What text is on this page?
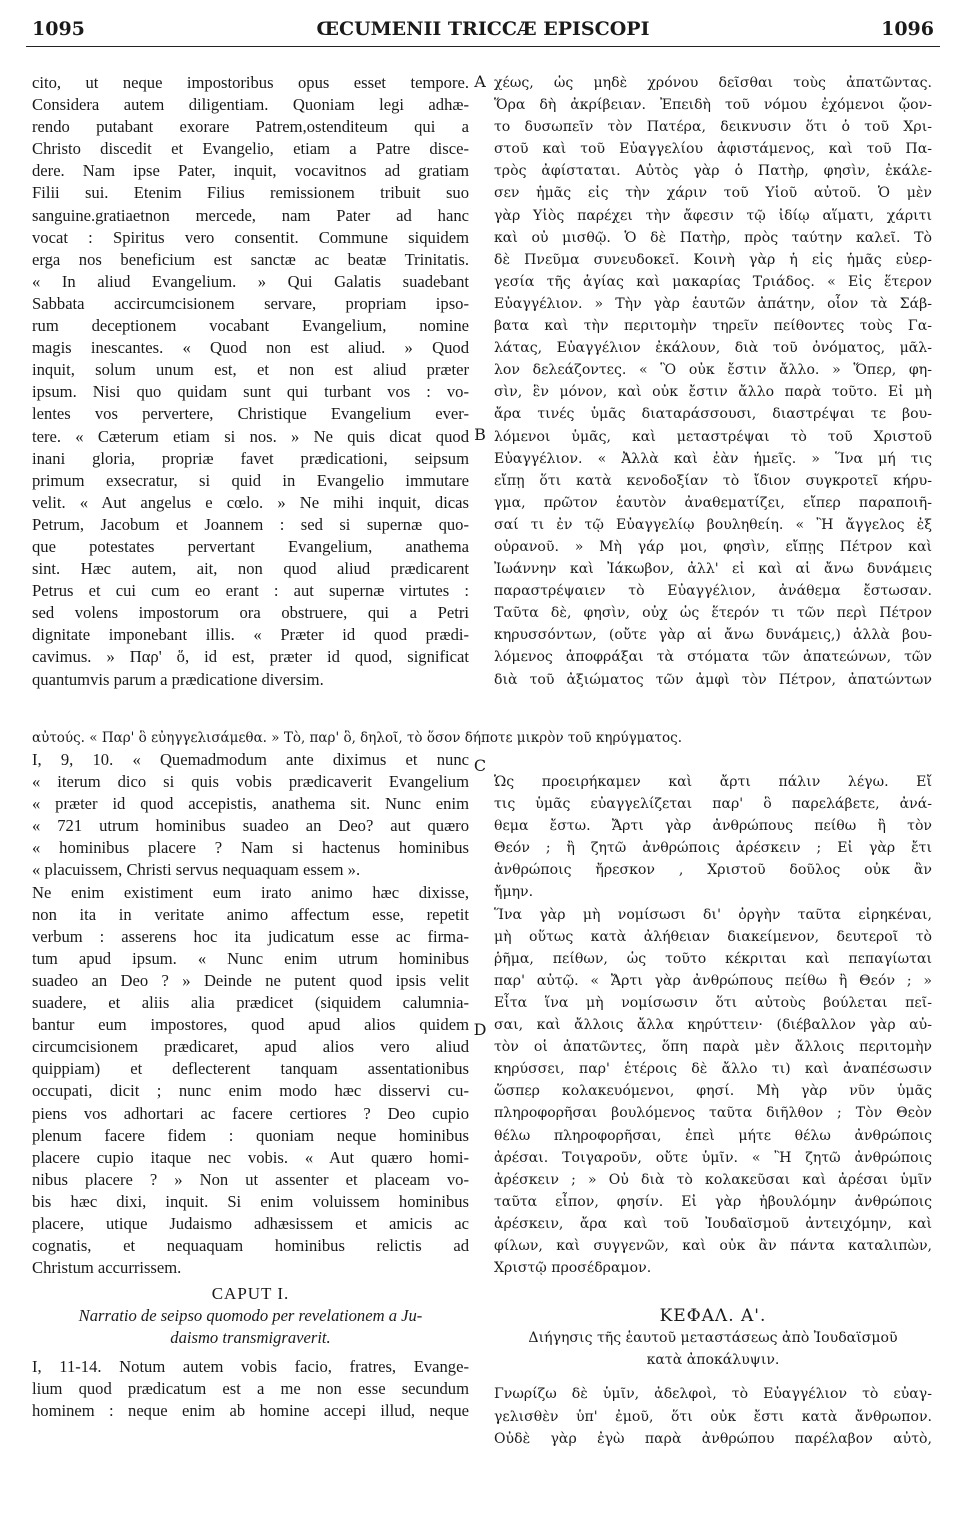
1095	ŒCUMENII TRICCÆ EPISCOPI	1096
A
B
C
D
cito, ut neque impostoribus opus esset tempore.
Considera autem diligentiam. Quoniam legi adhæ-
rendo putabant exorare Patrem,ostenditeum qui a
Christo discedit et Evangelio, etiam a Patre disce-
dere. Nam ipse Pater, inquit, vocavitnos ad gratiam
Filii sui. Etenim Filius remissionem tribuit suo
sanguine.gratiaetnon mercede, nam Pater ad hanc
vocat : Spiritus vero consentit. Commune siquidem
erga nos beneficium est sanctæ ac beatæ Trinitatis.
« In aliud Evangelium. » Qui Galatis suadebant
Sabbata accircumcisionem servare, propriam ipso-
rum deceptionem vocabant Evangelium, nomine
magis inescantes. « Quod non est aliud. » Quod
inquit, solum unum est, et non est aliud præter
ipsum. Nisi quo quidam sunt qui turbant vos : vo-
lentes vos pervertere, Christique Evangelium ever-
tere. « Cæterum etiam si nos. » Ne quis dicat quod
inani gloria, propriæ favet prædicationi, seipsum
primum exsecratur, si quid in Evangelio immutare
velit. « Aut angelus e cœlo. » Ne mihi inquit, dicas
Petrum, Jacobum et Joannem : sed si supernæ quo-
que potestates pervertant Evangelium, anathema
sint. Hæc autem, ait, non quod aliud prædicarent
Petrus et cui cum eo erant : aut supernæ virtutes :
sed volens impostorum ora obstruere, qui a Petri
dignitate imponebant illis. « Præter id quod prædi-
cavimus. » Παρ' ὅ, id est, præter id quod, significat
quantumvis parum a prædicatione diversim.
χέως, ὡς μηδὲ χρόνου δεῖσθαι τοὺς ἀπατῶντας.
Ὅρα δὴ ἀκρίβειαν. Ἐπειδὴ τοῦ νόμου ἐχόμενοι ᾤον-
το δυσωπεῖν τὸν Πατέρα, δεικνυσιν ὅτι ὁ τοῦ Χρι-
στοῦ καὶ τοῦ Εὐαγγελίου ἀφιστάμενος, καὶ τοῦ Πα-
τρὸς ἀφίσταται. Αὐτὸς γὰρ ὁ Πατὴρ, φησὶν, ἐκάλε-
σεν ἡμᾶς εἰς τὴν χάριν τοῦ Υἱοῦ αὐτοῦ. Ὁ μὲν
γὰρ Υἱὸς παρέχει τὴν ἄφεσιν τῷ ἰδίῳ αἵματι, χάριτι
καὶ οὐ μισθῷ. Ὁ δὲ Πατὴρ, πρὸς ταύτην καλεῖ. Τὸ
δὲ Πνεῦμα συνευδοκεῖ. Κοινὴ γὰρ ἡ εἰς ἡμᾶς εὐερ-
γεσία τῆς ἁγίας καὶ μακαρίας Τριάδος. « Εἰς ἕτερον
Εὐαγγέλιον. » Τὴν γὰρ ἑαυτῶν ἀπάτην, οἷον τὰ Σάβ-
βατα καὶ τὴν περιτομὴν τηρεῖν πείθοντες τοὺς Γα-
λάτας, Εὐαγγέλιον ἐκάλουν, διὰ τοῦ ὀνόματος, μᾶλ-
λον δελεάζοντες. « Ὃ οὐκ ἔστιν ἄλλο. » Ὅπερ, φη-
σὶν, ἓν μόνον, καὶ οὐκ ἔστιν ἄλλο παρὰ τοῦτο. Εἰ μὴ
ἄρα τινές ὑμᾶς διαταράσσουσι, διαστρέψαι τε βου-
λόμενοι ὑμᾶς, καὶ μεταστρέψαι τὸ τοῦ Χριστοῦ
Εὐαγγέλιον. « Ἀλλὰ καὶ ἐὰν ἡμεῖς. » Ἵνα μή τις
εἴπῃ ὅτι κατὰ κενοδοξίαν τὸ ἴδιον συγκροτεῖ κήρυ-
γμα, πρῶτον ἑαυτὸν ἀναθεματίζει, εἴπερ παραποιῆ-
σαί τι ἐν τῷ Εὐαγγελίῳ βουληθείη. « Ἢ ἄγγελος ἐξ
οὐρανοῦ. » Μὴ γάρ μοι, φησὶν, εἴπῃς Πέτρον καὶ
Ἰωάννην καὶ Ἰάκωβον, ἀλλ' εἰ καὶ αἱ ἄνω δυνάμεις
παραστρέψαιεν τὸ Εὐαγγέλιον, ἀνάθεμα ἔστωσαν.
Ταῦτα δὲ, φησὶν, οὐχ ὡς ἕτερόν τι τῶν περὶ Πέτρον
κηρυσσόντων, (οὔτε γὰρ αἱ ἄνω δυνάμεις,) ἀλλὰ βου-
λόμενος ἀποφράξαι τὰ στόματα τῶν ἀπατεώνων, τῶν
διὰ τοῦ ἀξιώματος τῶν ἀμφὶ τὸν Πέτρον, ἀπατώντων
αὐτούς. « Παρ' ὃ εὐηγγελισάμεθα. » Τὸ, παρ' ὃ, δηλοῖ, τὸ ὅσον δήποτε μικρὸν τοῦ κηρύγματος.
I, 9, 10. « Quemadmodum ante diximus et nunc
« iterum dico si quis vobis prædicaverit Evangelium
« præter id quod accepistis, anathema sit. Nunc enim
« 721 utrum hominibus suadeo an Deo? aut quæro
« hominibus placere ? Nam si hactenus hominibus
« placuissem, Christi servus nequaquam essem ».
Ne enim existiment eum irato animo hæc dixisse,
non ita in veritate animo affectum esse, repetit
verbum : asserens hoc ita judicatum esse ac firma-
tum apud ipsum. « Nunc enim utrum hominibus
suadeo an Deo ? » Deinde ne putent quod ipsis velit
suadere, et aliis alia prædicet (siquidem calumnia-
bantur eum impostores, quod apud alios quidem
circumcisionem prædicaret, apud alios vero aliud
quippiam) et deflecterent tanquam assentationibus
occupati, dicit ; nunc enim modo hæc disservi cu-
piens vos adhortari ac facere certiores ? Deo cupio
plenum facere fidem : quoniam neque hominibus
placere cupio itaque nec vobis. « Aut quæro homi-
nibus placere ? » Non ut assenter et placeam vo-
bis hæc dixi, inquit. Si enim voluissem hominibus
placere, utique Judaismo adhæsissem et amicis ac
cognatis, et nequaquam hominibus relictis ad
Christum accurrissem.
CAPUT I.
Narratio de seipso quomodo per revelationem a Ju-
daismo transmigraverit.
I, 11-14. Notum autem vobis facio, fratres, Evange-
lium quod prædicatum est a me non esse secundum
hominem : neque enim ab homine accepi illud, neque
Ὡς προειρήκαμεν καὶ ἄρτι πάλιν λέγω. Εἴ
τις ὑμᾶς εὐαγγελίζεται παρ' ὃ παρελάβετε, ἀνά-
θεμα ἔστω. Ἄρτι γὰρ ἀνθρώπους πείθω ἢ τὸν
Θεόν ; ἢ ζητῶ ἀνθρώποις ἀρέσκειν ; Εἰ γὰρ ἔτι
ἀνθρώποις ἤρεσκον , Χριστοῦ δοῦλος οὐκ ἂν
ἤμην.
Ἵνα γὰρ μὴ νομίσωσι δι' ὀργὴν ταῦτα εἰρηκέναι,
μὴ οὕτως κατὰ ἀλήθειαν διακείμενον, δευτεροῖ τὸ
ῥῆμα, πείθων, ὡς τοῦτο κέκριται καὶ πεπαγίωται
παρ' αὐτῷ. « Ἄρτι γὰρ ἀνθρώπους πείθω ἢ Θεόν ; »
Εἶτα ἵνα μὴ νομίσωσιν ὅτι αὐτοὺς βούλεται πεῖ-
σαι, καὶ ἄλλοις ἄλλα κηρύττειν· (διέβαλλον γὰρ αὐ-
τὸν οἱ ἀπατῶντες, ὅπη παρὰ μὲν ἄλλοις περιτομὴν
κηρύσσει, παρ' ἑτέροις δὲ ἄλλο τι) καὶ ἀναπέσωσιν
ὥσπερ κολακευόμενοι, φησί. Μὴ γὰρ νῦν ὑμᾶς
πληροφορῆσαι βουλόμενος ταῦτα διῆλθον ; Τὸν Θεὸν
θέλω πληροφορῆσαι, ἐπεὶ μήτε θέλω ἀνθρώποις
ἀρέσαι. Τοιγαροῦν, οὔτε ὑμῖν. « Ἢ ζητῶ ἀνθρώποις
ἀρέσκειν ; » Οὐ διὰ τὸ κολακεῦσαι καὶ ἀρέσαι ὑμῖν
ταῦτα εἶπον, φησίν. Εἰ γὰρ ἠβουλόμην ἀνθρώποις
ἀρέσκειν, ἄρα καὶ τοῦ Ἰουδαϊσμοῦ ἀντειχόμην, καὶ
φίλων, καὶ συγγενῶν, καὶ οὐκ ἂν πάντα καταλιπὼν,
Χριστῷ προσέδραμον.
ΚΕΦΑΛ. Α'.
Διήγησις τῆς ἑαυτοῦ μεταστάσεως ἀπὸ Ἰουδαϊσμοῦ
κατὰ ἀποκάλυψιν.
Γνωρίζω δὲ ὑμῖν, ἀδελφοὶ, τὸ Εὐαγγέλιον τὸ εὐαγ-
γελισθὲν ὑπ' ἐμοῦ, ὅτι οὐκ ἔστι κατὰ ἄνθρωπον.
Οὐδὲ γὰρ ἐγὼ παρὰ ἀνθρώπου παρέλαβον αὐτὸ,
